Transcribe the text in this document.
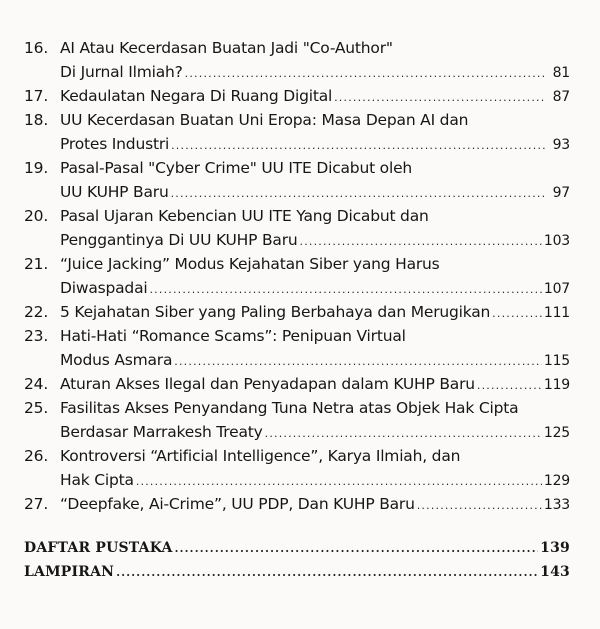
16. AI Atau Kecerdasan Buatan Jadi "Co-Author"
Di Jurnal Ilmiah? .....	81
17. Kedaulatan Negara Di Ruang Digital .....	87
18. UU Kecerdasan Buatan Uni Eropa: Masa Depan AI dan
Protes Industri .....	93
19. Pasal-Pasal "Cyber Crime" UU ITE Dicabut oleh
UU KUHP Baru .....	97
20. Pasal Ujaran Kebencian UU ITE Yang Dicabut dan
Penggantinya Di UU KUHP Baru .....	103
21. “Juice Jacking” Modus Kejahatan Siber yang Harus
Diwaspadai .....	107
22. 5 Kejahatan Siber yang Paling Berbahaya dan Merugikan .....	111
23. Hati-Hati “Romance Scams”: Penipuan Virtual
Modus Asmara .....	115
24. Aturan Akses Ilegal dan Penyadapan dalam KUHP Baru .....	119
25. Fasilitas Akses Penyandang Tuna Netra atas Objek Hak Cipta
Berdasar Marrakesh Treaty .....	125
26. Kontroversi “Artificial Intelligence”, Karya Ilmiah, dan
Hak Cipta .....	129
27. “Deepfake, Ai-Crime”, UU PDP, Dan KUHP Baru .....	133
DAFTAR PUSTAKA .....	139
LAMPIRAN .....	143
